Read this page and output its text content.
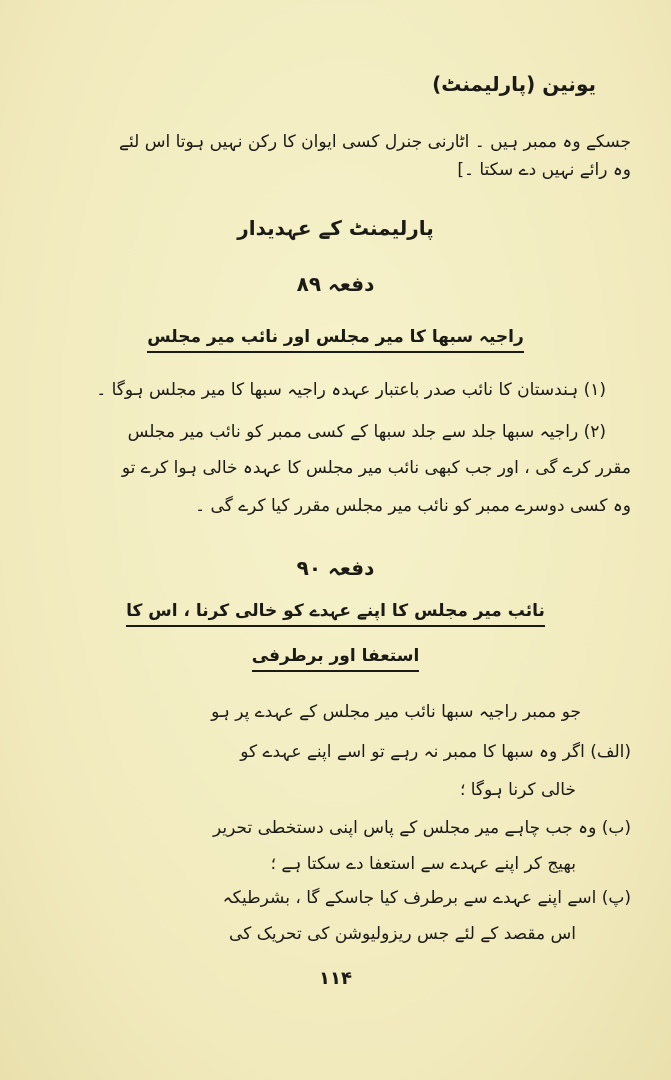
یونین (پارلیمنٹ)
جسکے وہ ممبر ہیں ۔ اٹارنی جنرل کسی ایوان کا رکن نہیں ہوتا اس لئے
وہ رائے نہیں دے سکتا ۔]
پارلیمنٹ کے عہدیدار
دفعہ ۸۹
راجیہ سبھا کا میر مجلس اور نائب میر مجلس
(۱) ہندستان کا نائب صدر باعتبار عہدہ راجیہ سبھا کا میر مجلس ہوگا ۔
(۲) راجیہ سبھا جلد سے جلد سبھا کے کسی ممبر کو نائب میر مجلس
مقرر کرے گی ، اور جب کبھی نائب میر مجلس کا عہدہ خالی ہوا کرے تو
وہ کسی دوسرے ممبر کو نائب میر مجلس مقرر کیا کرے گی ۔
دفعہ ۹۰
نائب میر مجلس کا اپنے عہدے کو خالی کرنا ، اس کا
استعفا اور برطرفی
جو ممبر راجیہ سبھا نائب میر مجلس کے عہدے پر ہو
(الف) اگر وہ سبھا کا ممبر نہ رہے تو اسے اپنے عہدے کو
خالی کرنا ہوگا ؛
(ب) وہ جب چاہے میر مجلس کے پاس اپنی دستخطی تحریر
بھیج کر اپنے عہدے سے استعفا دے سکتا ہے ؛
(پ) اسے اپنے عہدے سے برطرف کیا جاسکے گا ، بشرطیکہ
اس مقصد کے لئے جس ریزولیوشن کی تحریک کی
۱۱۴
